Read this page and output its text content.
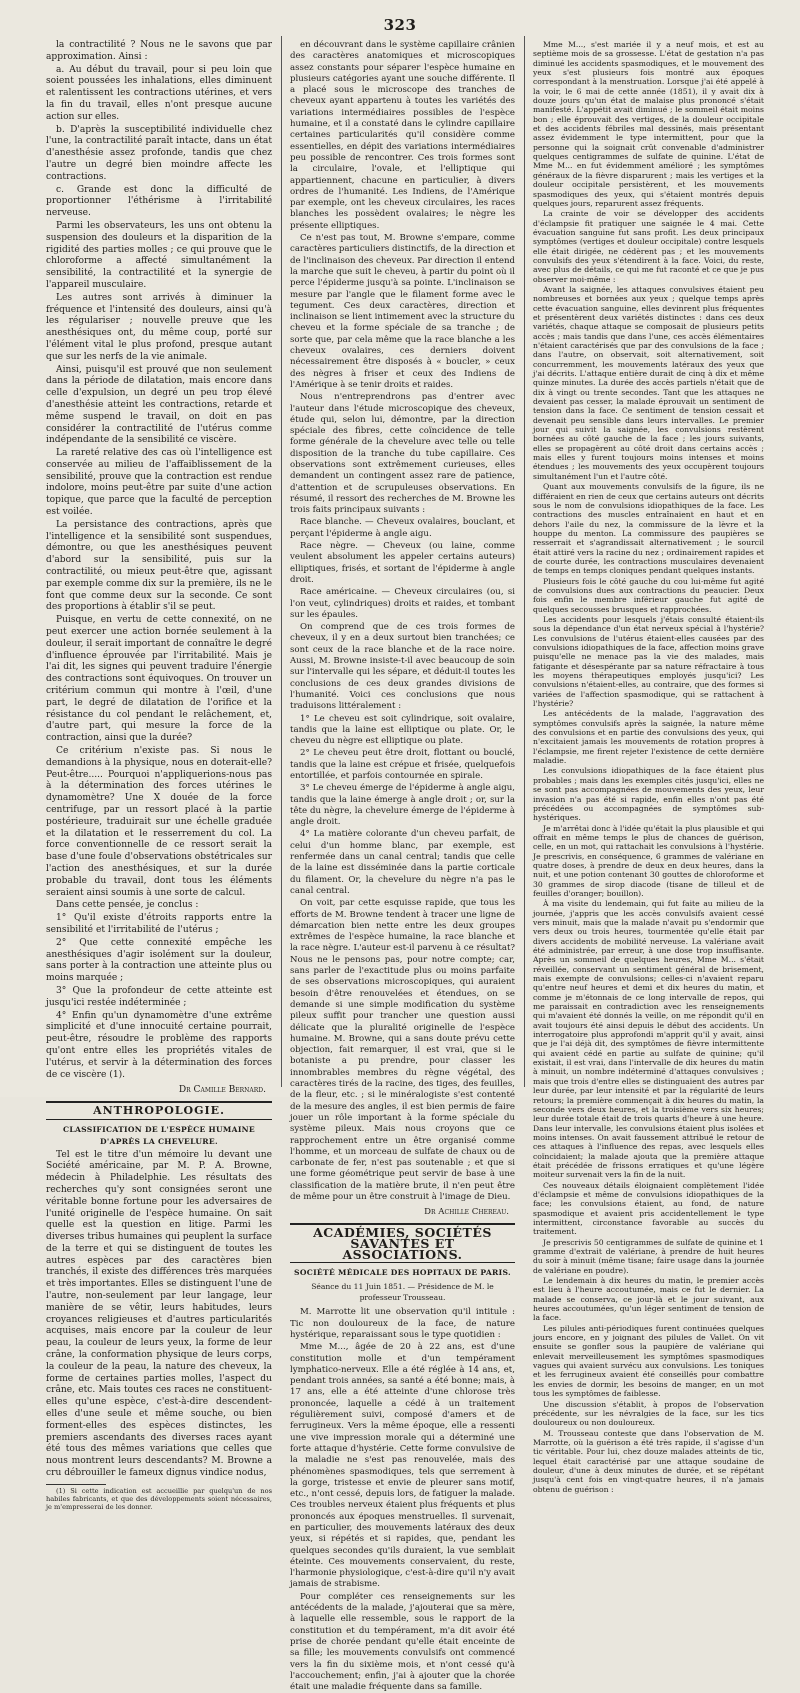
323

la contractilité ? Nous ne le savons que par approximation. Ainsi :

a. Au début du travail, pour si peu loin que soient poussées les inhalations, elles diminuent et ralentissent les contractions utérines, et vers la fin du travail, elles n'ont presque aucune action sur elles.

b. D'après la susceptibilité individuelle chez l'une, la contractilité paraît intacte, dans un état d'anesthésie assez profonde, tandis que chez l'autre un degré bien moindre affecte les contractions.

c. Grande est donc la difficulté de proportionner l'éthérisme à l'irritabilité nerveuse.

Parmi les observateurs, les uns ont obtenu la suspension des douleurs et la disparition de la rigidité des parties molles ; ce qui prouve que le chloroforme a affecté simultanément la sensibilité, la contractilité et la synergie de l'appareil musculaire.

Les autres sont arrivés à diminuer la fréquence et l'intensité des douleurs, ainsi qu'à les régulariser ; nouvelle preuve que les anesthésiques ont, du même coup, porté sur l'élément vital le plus profond, presque autant que sur les nerfs de la vie animale.

Ainsi, puisqu'il est prouvé que non seulement dans la période de dilatation, mais encore dans celle d'expulsion, un degré un peu trop élevé d'anesthésie atteint les contractions, retarde et même suspend le travail, on doit en pas considérer la contractilité de l'utérus comme indépendante de la sensibilité ce viscère.

La rareté relative des cas où l'intelligence est conservée au milieu de l'affaiblissement de la sensibilité, prouve que la contraction est rendue indolore, moins peut-être par suite d'une action topique, que parce que la faculté de perception est voilée.

La persistance des contractions, après que l'intelligence et la sensibilité sont suspendues, démontre, ou que les anesthésiques peuvent d'abord sur la sensibilité, puis sur la contractilité, ou mieux peut-être que, agissant par exemple comme dix sur la première, ils ne le font que comme deux sur la seconde. Ce sont des proportions à établir s'il se peut.

Puisque, en vertu de cette connexité, on ne peut exercer une action bornée seulement à la douleur, il serait important de connaître le degré d'influence éprouvée par l'irritabilité. Mais je l'ai dit, les signes qui peuvent traduire l'énergie des contractions sont équivoques. On trouver un critérium commun qui montre à l'œil, d'une part, le degré de dilatation de l'orifice et la résistance du col pendant le relâchement, et, d'autre part, qui mesure la force de la contraction, ainsi que la durée?

Ce critérium n'existe pas. Si nous le demandions à la physique, nous en doterait-elle? Peut-être..... Pourquoi n'appliquerions-nous pas à la détermination des forces utérines le dynamomètre? Une X douée de la force centrifuge, par un ressort placé à la partie postérieure, traduirait sur une échelle graduée et la dilatation et le resserrement du col. La force conventionnelle de ce ressort serait la base d'une foule d'observations obstétricales sur l'action des anesthésiques, et sur la durée probable du travail, dont tous les éléments seraient ainsi soumis à une sorte de calcul.

Dans cette pensée, je conclus :

1° Qu'il existe d'étroits rapports entre la sensibilité et l'irritabilité de l'utérus ;

2° Que cette connexité empêche les anesthésiques d'agir isolément sur la douleur, sans porter à la contraction une atteinte plus ou moins marquée ;

3° Que la profondeur de cette atteinte est jusqu'ici restée indéterminée ;

4° Enfin qu'un dynamomètre d'une extrême simplicité et d'une innocuité certaine pourrait, peut-être, résoudre le problème des rapports qu'ont entre elles les propriétés vitales de l'utérus, et servir à la détermination des forces de ce viscère (1).

Dr Camille Bernard.

ANTHROPOLOGIE.
CLASSIFICATION DE L'ESPÈCE HUMAINE D'APRÈS LA CHEVELURE.

Tel est le titre d'un mémoire lu devant une Société américaine, par M. P. A. Browne, médecin à Philadelphie. Les résultats des recherches qu'y sont consignées seront une véritable bonne fortune pour les adversaires de l'unité originelle de l'espèce humaine. On sait quelle est la question en litige. Parmi les diverses tribus humaines qui peuplent la surface de la terre et qui se distinguent de toutes les autres espèces par des caractères bien tranchés, il existe des différences très marquées et très importantes. Elles se distinguent l'une de l'autre, non-seulement par leur langage, leur manière de se vêtir, leurs habitudes, leurs croyances religieuses et d'autres particularités acquises, mais encore par la couleur de leur peau, la couleur de leurs yeux, la forme de leur crâne, la conformation physique de leurs corps, la couleur de la peau, la nature des cheveux, la forme de certaines parties molles, l'aspect du crâne, etc. Mais toutes ces races ne constituent-elles qu'une espèce, c'est-à-dire descendent-elles d'une seule et même souche, ou bien forment-elles des espèces distinctes, les premiers ascendants des diverses races ayant été tous des mêmes variations que celles que nous montrent leurs descendants? M. Browne a cru débrouiller le fameux dignus vindice nodus,

(1) Si cette indication est accueillie par quelqu'un de nos habiles fabricants, et que des développements soient nécessaires, je m'empresserai de les donner.

en découvrant dans le système capillaire crânien des caractères anatomiques et microscopiques assez constants pour séparer l'espèce humaine en plusieurs catégories ayant une souche différente. Il a placé sous le microscope des tranches de cheveux ayant appartenu à toutes les variétés des variations intermédiaires possibles de l'espèce humaine, et il a constaté dans le cylindre capillaire certaines particularités qu'il considère comme essentielles, en dépit des variations intermédiaires peu possible de rencontrer. Ces trois formes sont la circulaire, l'ovale, et l'elliptique qui appartiennent, chacune en particulier, à divers ordres de l'humanité. Les Indiens, de l'Amérique par exemple, ont les cheveux circulaires, les races blanches les possèdent ovalaires; le nègre les présente elliptiques.

Ce n'est pas tout, M. Browne s'empare, comme caractères particuliers distinctifs, de la direction et de l'inclinaison des cheveux. Par direction il entend la marche que suit le cheveu, à partir du point où il perce l'épiderme jusqu'à sa pointe. L'inclinaison se mesure par l'angle que le filament forme avec le tegument. Ces deux caractères, direction et inclinaison se lient intimement avec la structure du cheveu et la forme spéciale de sa tranche ; de sorte que, par cela même que la race blanche a les cheveux ovalaires, ces derniers doivent nécessairement être disposés à « boucler, » ceux des nègres à friser et ceux des Indiens de l'Amérique à se tenir droits et raides.

Nous n'entreprendrons pas d'entrer avec l'auteur dans l'étude microscopique des cheveux, étude qui, selon lui, démontre, par la direction spéciale des fibres, cette coïncidence de telle forme générale de la chevelure avec telle ou telle disposition de la tranche du tube capillaire. Ces observations sont extrêmement curieuses, elles demandent un contingent assez rare de patience, d'attention et de scrupuleuses observations. En résumé, il ressort des recherches de M. Browne les trois faits principaux suivants :

Race blanche. — Cheveux ovalaires, bouclant, et perçant l'épiderme à angle aigu.

Race nègre. — Cheveux (ou laine, comme veulent absolument les appeler certains auteurs) elliptiques, frisés, et sortant de l'épiderme à angle droit.

Race américaine. — Cheveux circulaires (ou, si l'on veut, cylindriques) droits et raides, et tombant sur les épaules.

On comprend que de ces trois formes de cheveux, il y en a deux surtout bien tranchées; ce sont ceux de la race blanche et de la race noire. Aussi, M. Browne insiste-t-il avec beaucoup de soin sur l'intervalle qui les sépare, et déduit-il toutes les conclusions de ces deux grandes divisions de l'humanité. Voici ces conclusions que nous traduisons littéralement :

1° Le cheveu est soit cylindrique, soit ovalaire, tandis que la laine est elliptique ou plate. Or, le cheveu du nègre est elliptique ou plate.

2° Le cheveu peut être droit, flottant ou bouclé, tandis que la laine est crépue et frisée, quelquefois entortillée, et parfois contournée en spirale.

3° Le cheveu émerge de l'épiderme à angle aigu, tandis que la laine émerge à angle droit ; or, sur la tête du nègre, la chevelure émerge de l'épiderme à angle droit.

4° La matière colorante d'un cheveu parfait, de celui d'un homme blanc, par exemple, est renfermée dans un canal central; tandis que celle de la laine est disséminée dans la partie corticale du filament. Or, la chevelure du nègre n'a pas le canal central.

On voit, par cette esquisse rapide, que tous les efforts de M. Browne tendent à tracer une ligne de démarcation bien nette entre les deux groupes extrêmes de l'espèce humaine, la race blanche et la race nègre. L'auteur est-il parvenu à ce résultat? Nous ne le pensons pas, pour notre compte; car, sans parler de l'exactitude plus ou moins parfaite de ses observations microscopiques, qui auraient besoin d'être renouvelées et étendues, on se demande si une simple modification du système pileux suffit pour trancher une question aussi délicate que la pluralité originelle de l'espèce humaine. M. Browne, qui a sans doute prévu cette objection, fait remarquer, il est vrai, que si le botaniste a pu prendre, pour classer les innombrables membres du règne végétal, des caractères tirés de la racine, des tiges, des feuilles, de la fleur, etc. ; si le minéralogiste s'est contenté de la mesure des angles, il est bien permis de faire jouer un rôle important à la forme spéciale du système pileux. Mais nous croyons que ce rapprochement entre un être organisé comme l'homme, et un morceau de sulfate de chaux ou de carbonate de fer, n'est pas soutenable ; et que si une forme géométrique peut servir de base à une classification de la matière brute, il n'en peut être de même pour un être construit à l'image de Dieu.

Dr Achille Chereau.

ACADÉMIES, SOCIÉTÉS SAVANTES ET ASSOCIATIONS.
SOCIÉTÉ MÉDICALE DES HOPITAUX DE PARIS.
Séance du 11 Juin 1851. — Présidence de M. le professeur Trousseau.

M. Marrotte lit une observation qu'il intitule : Tic non douloureux de la face, de nature hystérique, reparaissant sous le type quotidien :

Mme M..., âgée de 20 à 22 ans, est d'une constitution molle et d'un tempérament lymphatico-nerveux. Elle a été réglée à 14 ans, et, pendant trois années, sa santé a été bonne; mais, à 17 ans, elle a été atteinte d'une chlorose très prononcée, laquelle a cédé à un traitement régulièrement suivi, composé d'amers et de ferrugineux. Vers la même époque, elle a ressenti une vive impression morale qui a déterminé une forte attaque d'hystérie. Cette forme convulsive de la maladie ne s'est pas renouvelée, mais des phénomènes spasmodiques, tels que serrement à la gorge, tristesse et envie de pleurer sans motif, etc., n'ont cessé, depuis lors, de fatiguer la malade. Ces troubles nerveux étaient plus fréquents et plus prononcés aux époques menstruelles. Il survenait, en particulier, des mouvements latéraux des deux yeux, si répétés et si rapides, que, pendant les quelques secondes qu'ils duraient, la vue semblait éteinte. Ces mouvements conservaient, du reste, l'harmonie physiologique, c'est-à-dire qu'il n'y avait jamais de strabisme.

Pour compléter ces renseignements sur les antécédents de la malade, j'ajouterai que sa mère, à laquelle elle ressemble, sous le rapport de la constitution et du tempérament, m'a dit avoir été prise de chorée pendant qu'elle était enceinte de sa fille; les mouvements convulsifs ont commencé vers la fin du sixième mois, et n'ont cessé qu'à l'accouchement; enfin, j'ai à ajouter que la chorée était une maladie fréquente dans sa famille.

Mme M..., s'est mariée il y a neuf mois, et est au septième mois de sa grossesse. L'état de gestation n'a pas diminué les accidents spasmodiques, et le mouvement des yeux s'est plusieurs fois montré aux époques correspondant à la menstruation. Lorsque j'ai été appelé à la voir, le 6 mai de cette année (1851), il y avait dix à douze jours qu'un état de malaise plus prononcé s'était manifesté. L'appétit avait diminué ; le sommeil était moins bon ; elle éprouvait des vertiges, de la douleur occipitale et des accidents fébriles mal dessinés, mais présentant assez évidemment le type intermittent, pour que la personne qui la soignait crût convenable d'administrer quelques centigrammes de sulfate de quinine. L'état de Mme M... en fut évidemment amélioré ; les symptômes généraux de la fièvre disparurent ; mais les vertiges et la douleur occipitale persistèrent, et les mouvements spasmodiques des yeux, qui s'étaient montrés depuis quelques jours, reparurent assez fréquents.

La crainte de voir se développer des accidents d'éclampsie fit pratiquer une saignée le 4 mai. Cette évacuation sanguine fut sans profit. Les deux principaux symptômes (vertiges et douleur occipitale) contre lesquels elle était dirigée, ne cédèrent pas ; et les mouvements convulsifs des yeux s'étendirent à la face. Voici, du reste, avec plus de détails, ce qui me fut raconté et ce que je pus observer moi-même :

Avant la saignée, les attaques convulsives étaient peu nombreuses et bornées aux yeux ; quelque temps après cette évacuation sanguine, elles devinrent plus fréquentes et présentèrent deux variétés distinctes : dans ces deux variétés, chaque attaque se composait de plusieurs petits accès ; mais tandis que dans l'une, ces accès élémentaires n'étaient caractérisés que par des convulsions de la face ; dans l'autre, on observait, soit alternativement, soit concurremment, les mouvements latéraux des yeux que j'ai décrits. L'attaque entière durait de cinq à dix et même quinze minutes. La durée des accès partiels n'était que de dix à vingt ou trente secondes. Tant que les attaques ne devaient pas cesser, la malade éprouvait un sentiment de tension dans la face. Ce sentiment de tension cessait et devenait peu sensible dans leurs intervalles. Le premier jour qui suivit la saignée, les convulsions restèrent bornées au côté gauche de la face ; les jours suivants, elles se propagèrent au côté droit dans certains accès ; mais elles y furent toujours moins intenses et moins étendues ; les mouvements des yeux occupèrent toujours simultanément l'un et l'autre côté.

Quant aux mouvements convulsifs de la figure, ils ne différaient en rien de ceux que certains auteurs ont décrits sous le nom de convulsions idiopathiques de la face. Les contractions des muscles entraînaient en haut et en dehors l'aile du nez, la commissure de la lèvre et la houppe du menton. La commissure des paupières se resserrait et s'agrandissait alternativement ; le sourcil était attiré vers la racine du nez ; ordinairement rapides et de courte durée, les contractions musculaires devenaient de temps en temps cloniques pendant quelques instants.

Plusieurs fois le côté gauche du cou lui-même fut agité de convulsions dues aux contractions du peaucier. Deux fois enfin le membre inférieur gauche fut agité de quelques secousses brusques et rapprochées.

Les accidents pour lesquels j'étais consulté étaient-ils sous la dépendance d'un état nerveux spécial à l'hystérie? Les convulsions de l'utérus étaient-elles causées par des convulsions idiopathiques de la face, affection moins grave puisqu'elle ne menace pas la vie des malades, mais fatigante et désespérante par sa nature réfractaire à tous les moyens thérapeutiques employés jusqu'ici? Les convulsions n'étaient-elles, au contraire, que des formes si variées de l'affection spasmodique, qui se rattachent à l'hystérie?

Les antécédents de la malade, l'aggravation des symptômes convulsifs après la saignée, la nature même des convulsions et en partie des convulsions des yeux, qui n'excitaient jamais les mouvements de rotation propres à l'éclampsie, me firent rejeter l'existence de cette dernière maladie.

Les convulsions idiopathiques de la face étaient plus probables ; mais dans les exemples cités jusqu'ici, elles ne se sont pas accompagnées de mouvements des yeux, leur invasion n'a pas été si rapide, enfin elles n'ont pas été précédées ou accompagnées de symptômes sub-hystériques.

Je m'arrêtai donc à l'idée qu'était la plus plausible et qui offrait en même temps le plus de chances de guérison, celle, en un mot, qui rattachait les convulsions à l'hystérie. Je prescrivis, en conséquence, 6 grammes de valériane en quatre doses, à prendre de deux en deux heures, dans la nuit, et une potion contenant 30 gouttes de chloroforme et 30 grammes de sirop diacode (tisane de tilleul et de feuilles d'oranger; bouillon).

À ma visite du lendemain, qui fut faite au milieu de la journée, j'appris que les accès convulsifs avaient cessé vers minuit, mais que la malade n'avait pu s'endormir que vers deux ou trois heures, tourmentée qu'elle était par divers accidents de mobilité nerveuse. La valériane avait été administrée, par erreur, à une dose trop insuffisante. Après un sommeil de quelques heures, Mme M... s'était réveillée, conservant un sentiment général de brisement, mais exempte de convulsions; celles-ci n'avaient reparu qu'entre neuf heures et demi et dix heures du matin, et comme je m'étonnais de ce long intervalle de repos, qui me paraissait en contradiction avec les renseignements qui m'avaient été donnés la veille, on me répondit qu'il en avait toujours été ainsi depuis le début des accidents. Un interrogatoire plus approfondi m'apprit qu'il y avait, ainsi que je l'ai déjà dit, des symptômes de fièvre intermittente qui avaient cédé en partie au sulfate de quinine; qu'il existait, il est vrai, dans l'intervalle de dix heures du matin à minuit, un nombre indéterminé d'attaques convulsives ; mais que trois d'entre elles se distinguaient des autres par leur durée, par leur intensité et par la régularité de leurs retours; la première commençait à dix heures du matin, la seconde vers deux heures, et la troisième vers six heures; leur durée totale était de trois quarts d'heure à une heure. Dans leur intervalle, les convulsions étaient plus isolées et moins intenses. On avait faussement attribué le retour de ces attaques à l'influence des repas, avec lesquels elles coïncidaient; la malade ajouta que la première attaque était précédée de frissons erratiques et qu'une légère moiteur survenait vers la fin de la nuit.

Ces nouveaux détails éloignaient complètement l'idée d'éclampsie et même de convulsions idiopathiques de la face; les convulsions étaient, au fond, de nature spasmodique et avaient pris accidentellement le type intermittent, circonstance favorable au succès du traitement.

Je prescrivis 50 centigrammes de sulfate de quinine et 1 gramme d'extrait de valériane, à prendre de huit heures du soir à minuit (même tisane; faire usage dans la journée de valériane en poudre).

Le lendemain à dix heures du matin, le premier accès est lieu à l'heure accoutumée, mais ce fut le dernier. La malade se conserva, ce jour-là et le jour suivant, aux heures accoutumées, qu'un léger sentiment de tension de la face.

Les pilules anti-périodiques furent continuées quelques jours encore, en y joignant des pilules de Vallet. On vit ensuite se gonfler sous la paupière de valériane qui enlevait merveilleusement les symptômes spasmodiques vagues qui avaient survécu aux convulsions. Les toniques et les ferrugineux avaient été conseillés pour combattre les envies de dormir, les besoins de manger, en un mot tous les symptômes de faiblesse.

Une discussion s'établit, à propos de l'observation précédente, sur les névralgies de la face, sur les tics douloureux ou non douloureux.

M. Trousseau conteste que dans l'observation de M. Marrotte, où la guérison a été très rapide, il s'agisse d'un tic véritable. Pour lui, chez douze malades atteints de tic, lequel était caractérisé par une attaque soudaine de douleur, d'une à deux minutes de durée, et se répétant jusqu'à cent fois en vingt-quatre heures, il n'a jamais obtenu de guérison :
